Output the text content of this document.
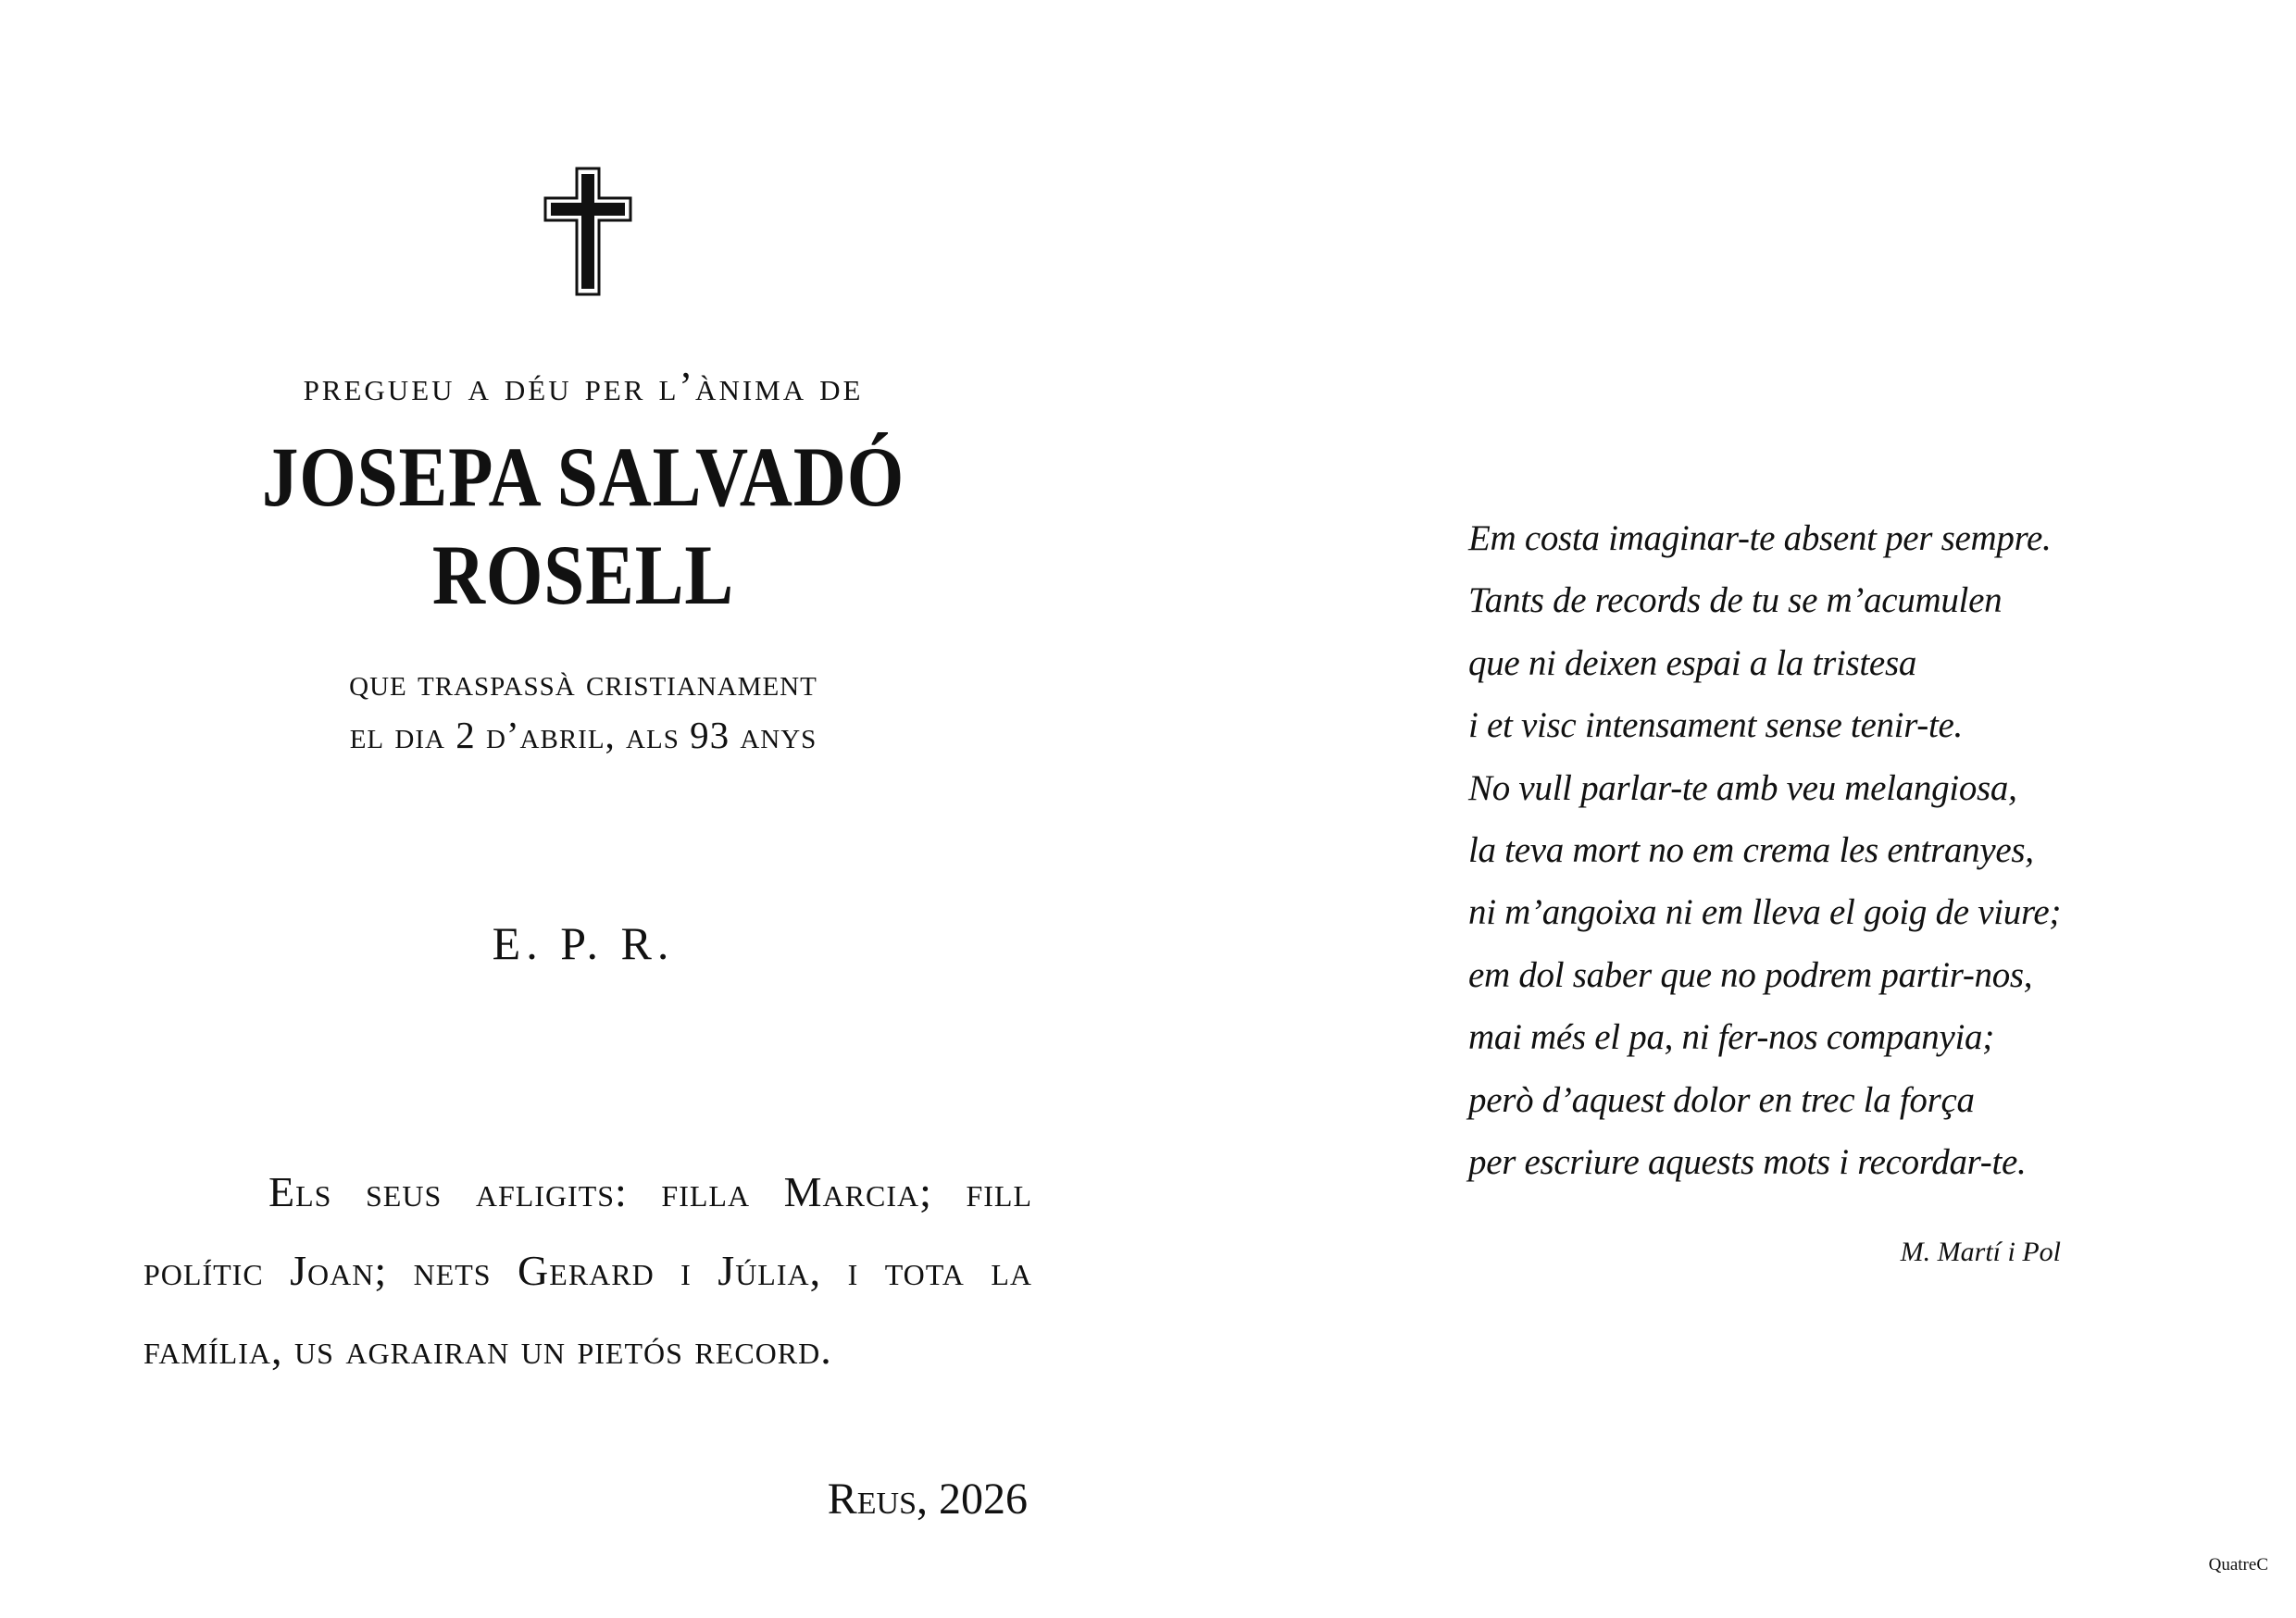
pregueu a déu per l’ànima de
JOSEPA SALVADÓ ROSELL
que traspassà cristianament
el dia 2 d’abril, als 93 anys
E. P. R.
Els seus afligits: filla Marcia; fill polític Joan; nets Gerard i Júlia, i tota la família, us agrairan un pietós record.
Reus, 2026
Em costa imaginar-te absent per sempre.
Tants de records de tu se m’acumulen
que ni deixen espai a la tristesa
i et visc intensament sense tenir-te.
No vull parlar-te amb veu melangiosa,
la teva mort no em crema les entranyes,
ni m’angoixa ni em lleva el goig de viure;
em dol saber que no podrem partir-nos,
mai més el pa, ni fer-nos companyia;
però d’aquest dolor en trec la força
per escriure aquests mots i recordar-te.
M. Martí i Pol
QuatreC
